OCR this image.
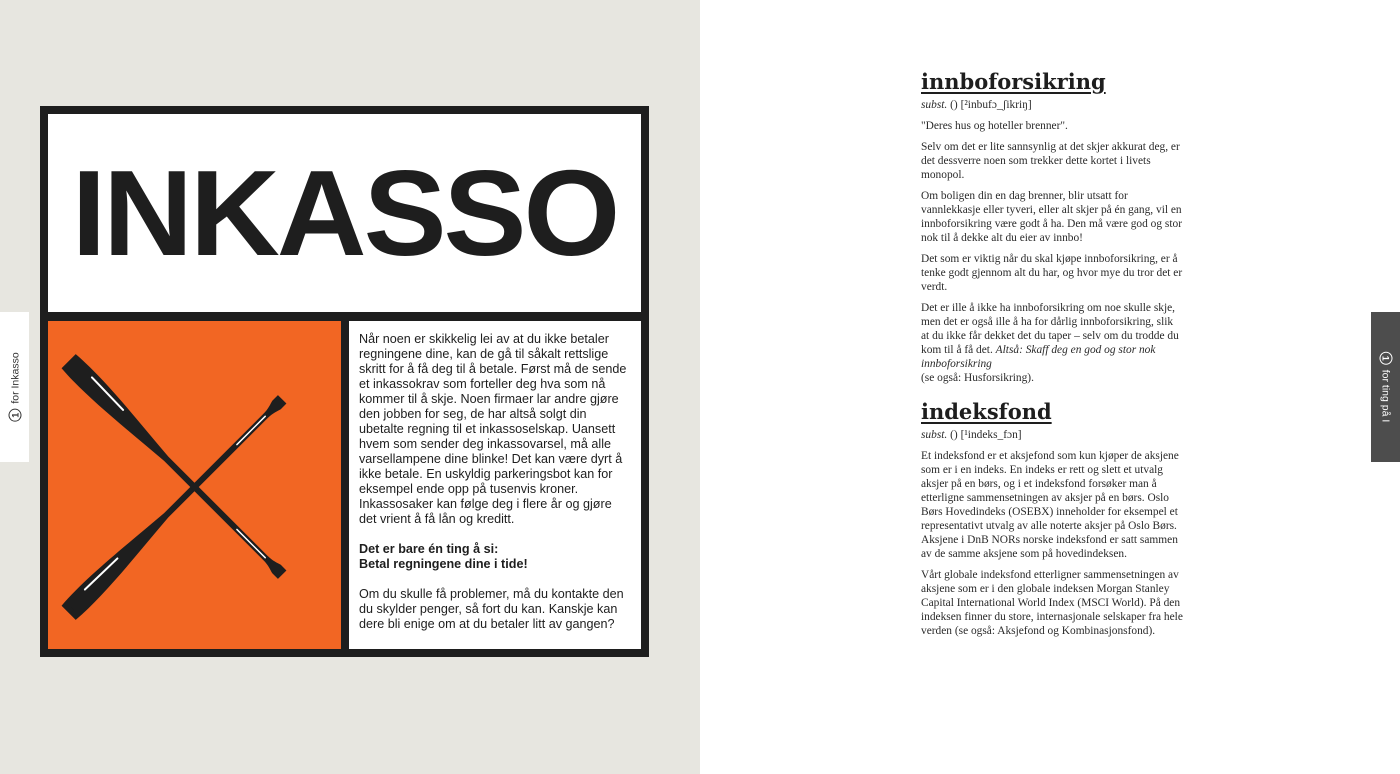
INKASSO

Når noen er skikkelig lei av at du ikke betaler regningene dine, kan de gå til såkalt rettslige skritt for å få deg til å betale. Først må de sende et inkassokrav som forteller deg hva som nå kommer til å skje. Noen firmaer lar andre gjøre den jobben for seg, de har altså solgt din ubetalte regning til et inkassoselskap. Uansett hvem som sender deg inkassovarsel, må alle varsellampene dine blinke! Det kan være dyrt å ikke betale. En uskyldig parkeringsbot kan for eksempel ende opp på tusenvis kroner. Inkassosaker kan følge deg i flere år og gjøre det vrient å få lån og kreditt.

Det er bare én ting å si:
Betal regningene dine i tide!

Om du skulle få problemer, må du kontakte den du skylder penger, så fort du kan. Kanskje kan dere bli enige om at du betaler litt av gangen?

1
for Inkasso
innboforsikring
subst. () [²inbufɔ_ʃikriŋ]

"Deres hus og hoteller brenner".

Selv om det er lite sannsynlig at det skjer akkurat deg, er det dessverre noen som trekker dette kortet i livets monopol.

Om boligen din en dag brenner, blir utsatt for vannlekkasje eller tyveri, eller alt skjer på én gang, vil en innboforsikring være godt å ha. Den må være god og stor nok til å dekke alt du eier av innbo!

Det som er viktig når du skal kjøpe innboforsikring, er å tenke godt gjennom alt du har, og hvor mye du tror det er verdt.

Det er ille å ikke ha innboforsikring om noe skulle skje, men det er også ille å ha for dårlig innboforsikring, slik at du ikke får dekket det du taper – selv om du trodde du kom til å få det. Altså: Skaff deg en god og stor nok innboforsikring
(se også: Husforsikring).

indeksfond
subst. () [¹indeks_fɔn]

Et indeksfond er et aksjefond som kun kjøper de aksjene som er i en indeks. En indeks er rett og slett et utvalg aksjer på en børs, og i et indeksfond forsøker man å etterligne sammensetningen av aksjer på en børs. Oslo Børs Hovedindeks (OSEBX) inneholder for eksempel et representativt utvalg av alle noterte aksjer på Oslo Børs. Aksjene i DnB NORs norske indeksfond er satt sammen av de samme aksjene som på hovedindeksen.

Vårt globale indeksfond etterligner sammensetningen av aksjene som er i den globale indeksen Morgan Stanley Capital International World Index (MSCI World). På den indeksen finner du store, internasjonale selskaper fra hele verden (se også: Aksjefond og Kombinasjonsfond).

1
for ting på I
